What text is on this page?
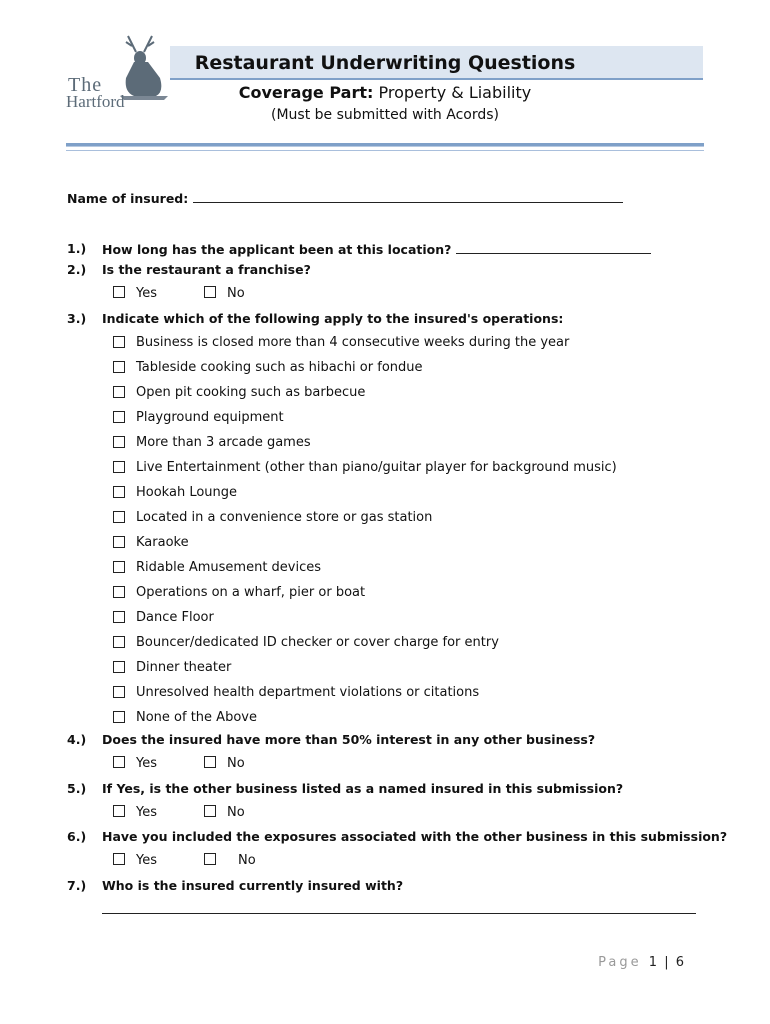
The
Hartford
Restaurant Underwriting Questions
Coverage Part: Property & Liability
(Must be submitted with Acords)
Name of insured:
1.) How long has the applicant been at this location?
2.) Is the restaurant a franchise?
Yes	No
3.) Indicate which of the following apply to the insured's operations:
Business is closed more than 4 consecutive weeks during the year
Tableside cooking such as hibachi or fondue
Open pit cooking such as barbecue
Playground equipment
More than 3 arcade games
Live Entertainment (other than piano/guitar player for background music)
Hookah Lounge
Located in a convenience store or gas station
Karaoke
Ridable Amusement devices
Operations on a wharf, pier or boat
Dance Floor
Bouncer/dedicated ID checker or cover charge for entry
Dinner theater
Unresolved health department violations or citations
None of the Above
4.) Does the insured have more than 50% interest in any other business?
Yes	No
5.) If Yes, is the other business listed as a named insured in this submission?
Yes	No
6.) Have you included the exposures associated with the other business in this submission?
Yes	No
7.) Who is the insured currently insured with?
Page 1 | 6
